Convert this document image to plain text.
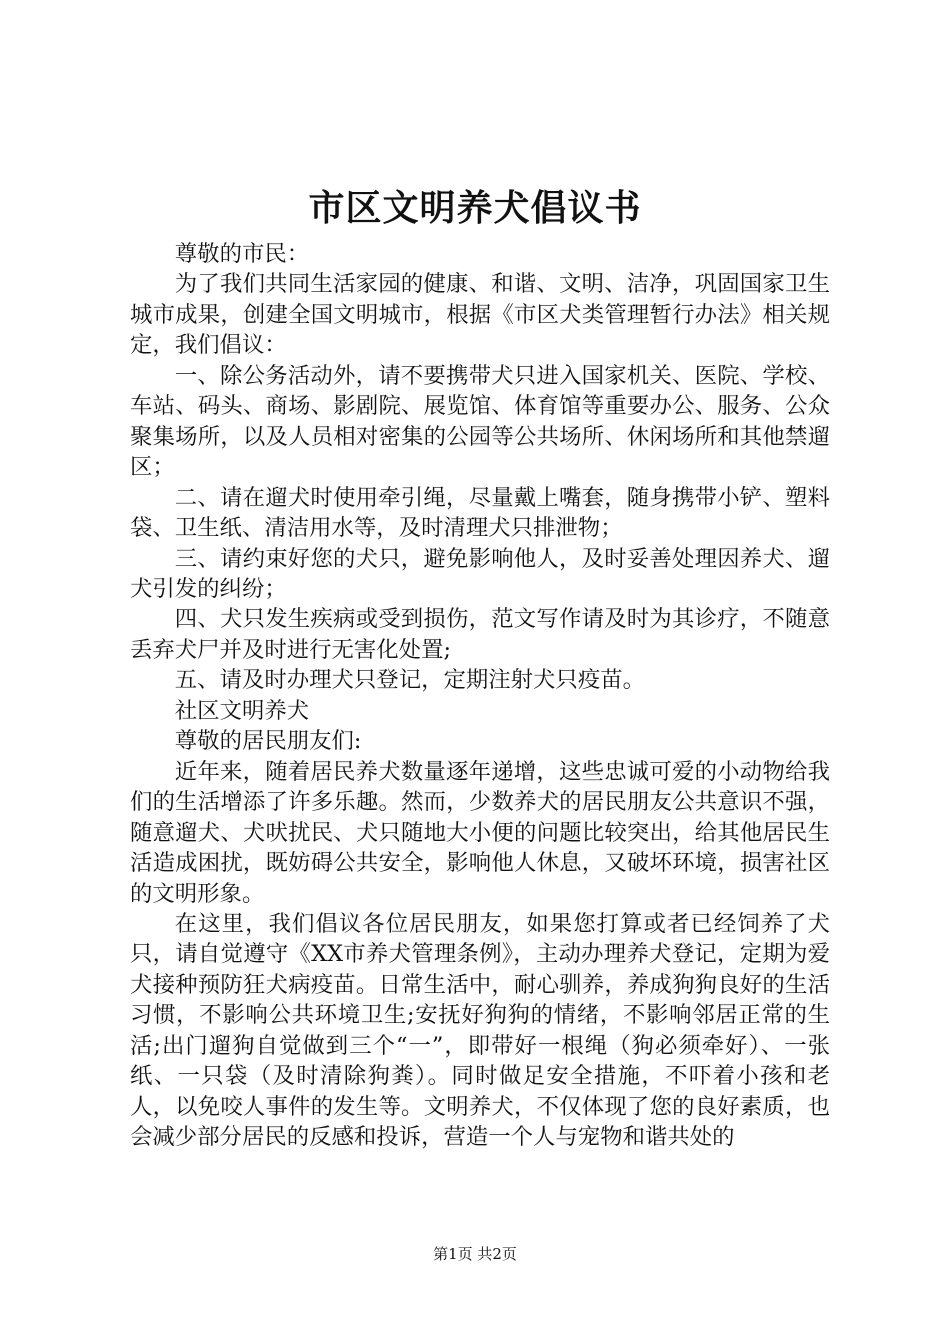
市区文明养犬倡议书

尊敬的市民：

为了我们共同生活家园的健康、和谐、文明、洁净，巩固国家卫生城市成果，创建全国文明城市，根据《市区犬类管理暂行办法》相关规定，我们倡议：

一、除公务活动外，请不要携带犬只进入国家机关、医院、学校、车站、码头、商场、影剧院、展览馆、体育馆等重要办公、服务、公众聚集场所，以及人员相对密集的公园等公共场所、休闲场所和其他禁遛区；

二、请在遛犬时使用牵引绳，尽量戴上嘴套，随身携带小铲、塑料袋、卫生纸、清洁用水等，及时清理犬只排泄物；

三、请约束好您的犬只，避免影响他人，及时妥善处理因养犬、遛犬引发的纠纷；

四、犬只发生疾病或受到损伤，范文写作请及时为其诊疗，不随意丢弃犬尸并及时进行无害化处置;

五、请及时办理犬只登记，定期注射犬只疫苗。

社区文明养犬

尊敬的居民朋友们:

近年来，随着居民养犬数量逐年递增，这些忠诚可爱的小动物给我们的生活增添了许多乐趣。然而，少数养犬的居民朋友公共意识不强，随意遛犬、犬吠扰民、犬只随地大小便的问题比较突出，给其他居民生活造成困扰，既妨碍公共安全，影响他人休息，又破坏环境，损害社区的文明形象。

在这里，我们倡议各位居民朋友，如果您打算或者已经饲养了犬只，请自觉遵守《XX市养犬管理条例》，主动办理养犬登记，定期为爱犬接种预防狂犬病疫苗。日常生活中，耐心驯养，养成狗狗良好的生活习惯，不影响公共环境卫生;安抚好狗狗的情绪，不影响邻居正常的生活;出门遛狗自觉做到三个“一”，即带好一根绳（狗必须牵好）、一张纸、一只袋（及时清除狗粪）。同时做足安全措施，不吓着小孩和老人，以免咬人事件的发生等。文明养犬，不仅体现了您的良好素质，也会减少部分居民的反感和投诉，营造一个人与宠物和谐共处的

第1页 共2页
